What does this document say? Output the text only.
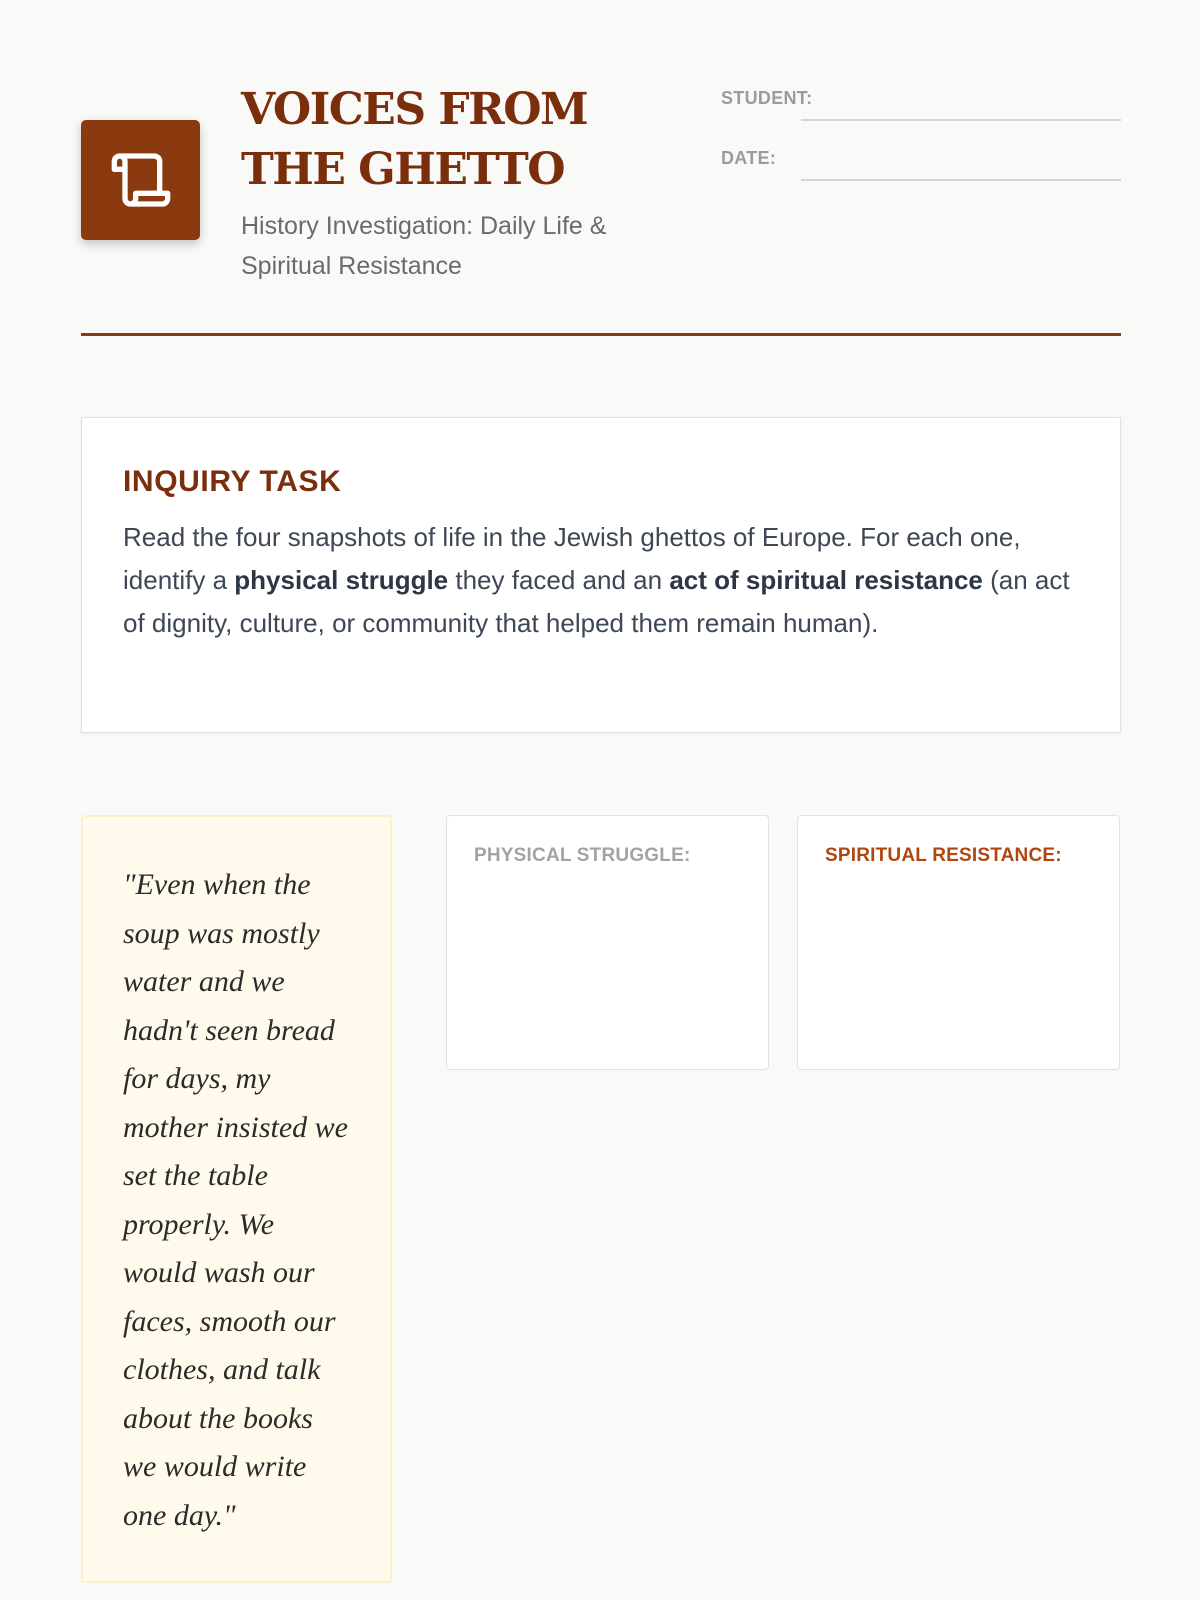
VOICES FROM THE GHETTO

History Investigation: Daily Life & Spiritual Resistance

STUDENT:
DATE:
INQUIRY TASK

Read the four snapshots of life in the Jewish ghettos of Europe. For each one, identify a physical struggle they faced and an act of spiritual resistance (an act of dignity, culture, or community that helped them remain human).

"Even when the soup was mostly water and we hadn't seen bread for days, my mother insisted we set the table properly. We would wash our faces, smooth our clothes, and talk about the books we would write one day."

PHYSICAL STRUGGLE:	SPIRITUAL RESISTANCE:
